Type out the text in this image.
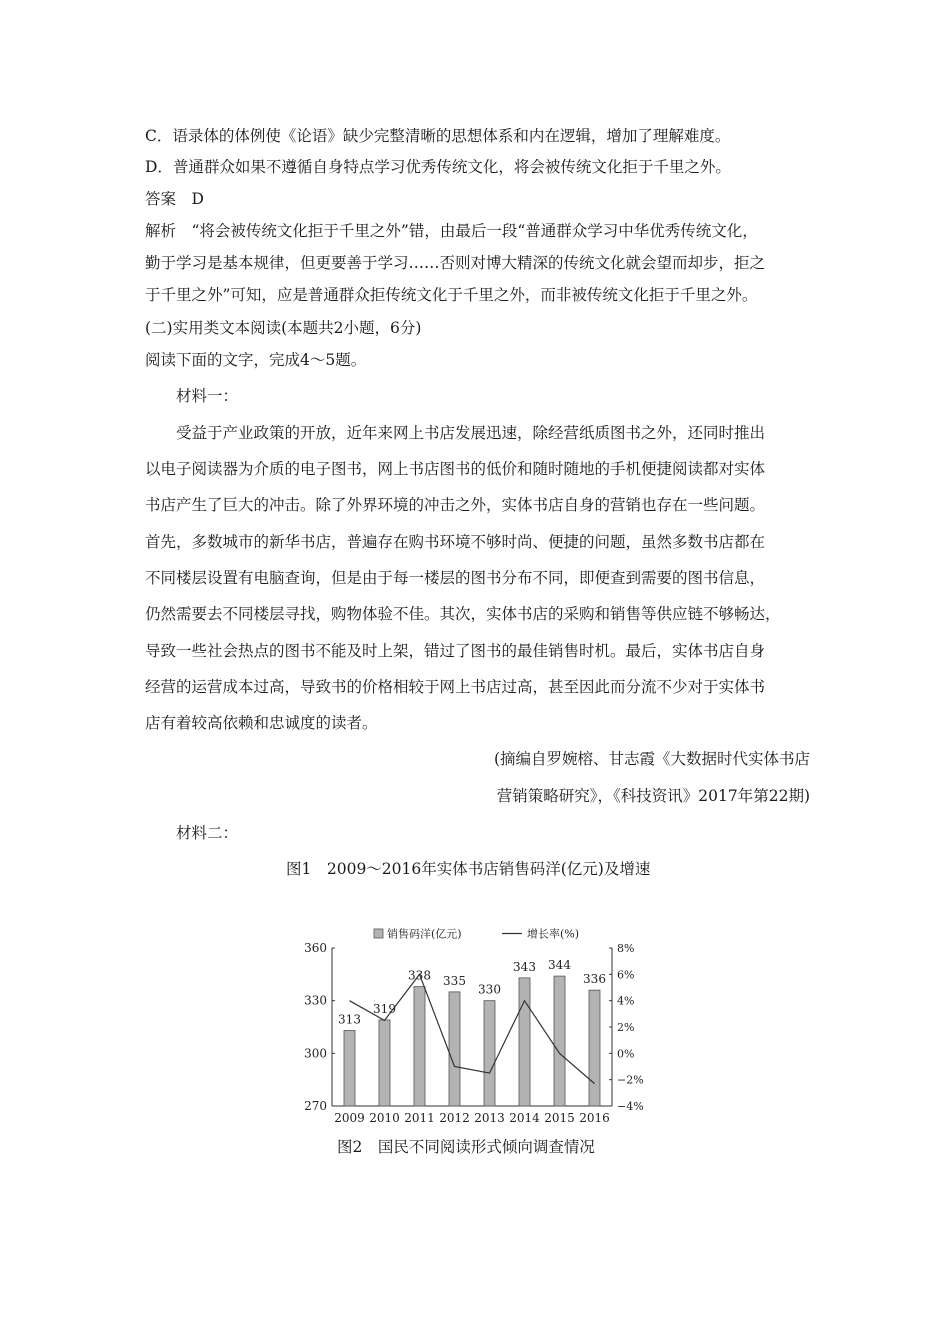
C．语录体的体例使《论语》缺少完整清晰的思想体系和内在逻辑，增加了理解难度。
D．普通群众如果不遵循自身特点学习优秀传统文化，将会被传统文化拒于千里之外。
答案　D
解析　“将会被传统文化拒于千里之外”错，由最后一段“普通群众学习中华优秀传统文化，
勤于学习是基本规律，但更要善于学习……否则对博大精深的传统文化就会望而却步，拒之
于千里之外”可知，应是普通群众拒传统文化于千里之外，而非被传统文化拒于千里之外。
(二)实用类文本阅读(本题共2小题，6分)
阅读下面的文字，完成4～5题。
材料一：
受益于产业政策的开放，近年来网上书店发展迅速，除经营纸质图书之外，还同时推出
以电子阅读器为介质的电子图书，网上书店图书的低价和随时随地的手机便捷阅读都对实体
书店产生了巨大的冲击。除了外界环境的冲击之外，实体书店自身的营销也存在一些问题。
首先，多数城市的新华书店，普遍存在购书环境不够时尚、便捷的问题，虽然多数书店都在
不同楼层设置有电脑查询，但是由于每一楼层的图书分布不同，即便查到需要的图书信息，
仍然需要去不同楼层寻找，购物体验不佳。其次，实体书店的采购和销售等供应链不够畅达，
导致一些社会热点的图书不能及时上架，错过了图书的最佳销售时机。最后，实体书店自身
经营的运营成本过高，导致书的价格相较于网上书店过高，甚至因此而分流不少对于实体书
店有着较高依赖和忠诚度的读者。
(摘编自罗婉榕、甘志霞《大数据时代实体书店
营销策略研究》，《科技资讯》2017年第22期)
材料二：
图1　2009～2016年实体书店销售码洋(亿元)及增速
销售码洋(亿元)	增长率(%)
270
300
330
360
−4%
−2%
0%
2%
4%
6%
8%
313
319
338 335
330
343 344
336
2009 2010 2011 2012 2013 2014 2015 2016
图2　国民不同阅读形式倾向调查情况
